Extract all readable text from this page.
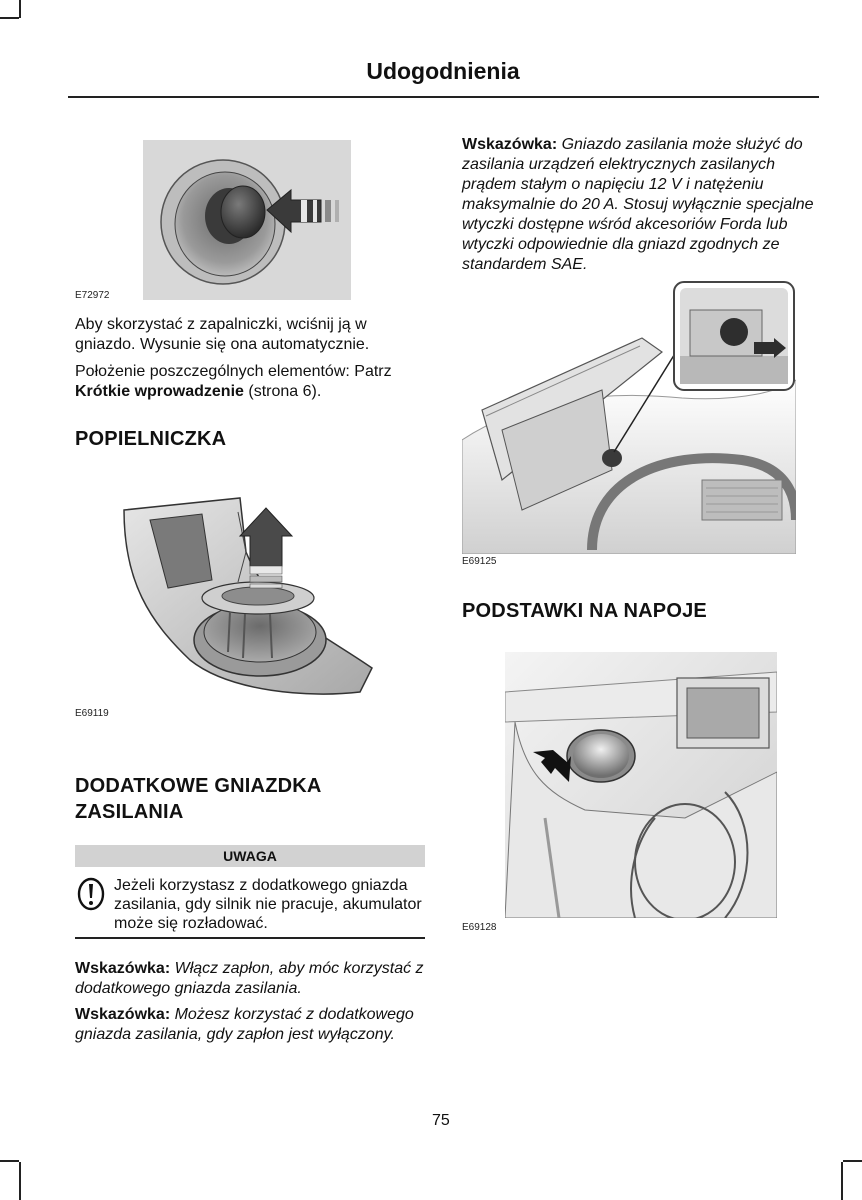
Udogodnienia
E72972
Aby skorzystać z zapalniczki, wciśnij ją w gniazdo. Wysunie się ona automatycznie.
Położenie poszczególnych elementów: Patrz Krótkie wprowadzenie (strona 6).
POPIELNICZKA
E69119
DODATKOWE GNIAZDKA
ZASILANIA
UWAGA
Jeżeli korzystasz z dodatkowego gniazda zasilania, gdy silnik nie pracuje, akumulator może się rozładować.
Wskazówka: Włącz zapłon, aby móc korzystać z dodatkowego gniazda zasilania.
Wskazówka: Możesz korzystać z dodatkowego gniazda zasilania, gdy zapłon jest wyłączony.
Wskazówka: Gniazdo zasilania może służyć do zasilania urządzeń elektrycznych zasilanych prądem stałym o napięciu 12 V i natężeniu maksymalnie do 20 A. Stosuj wyłącznie specjalne wtyczki dostępne wśród akcesoriów Forda lub wtyczki odpowiednie dla gniazd zgodnych ze standardem SAE.
E69125
PODSTAWKI NA NAPOJE
E69128
75
